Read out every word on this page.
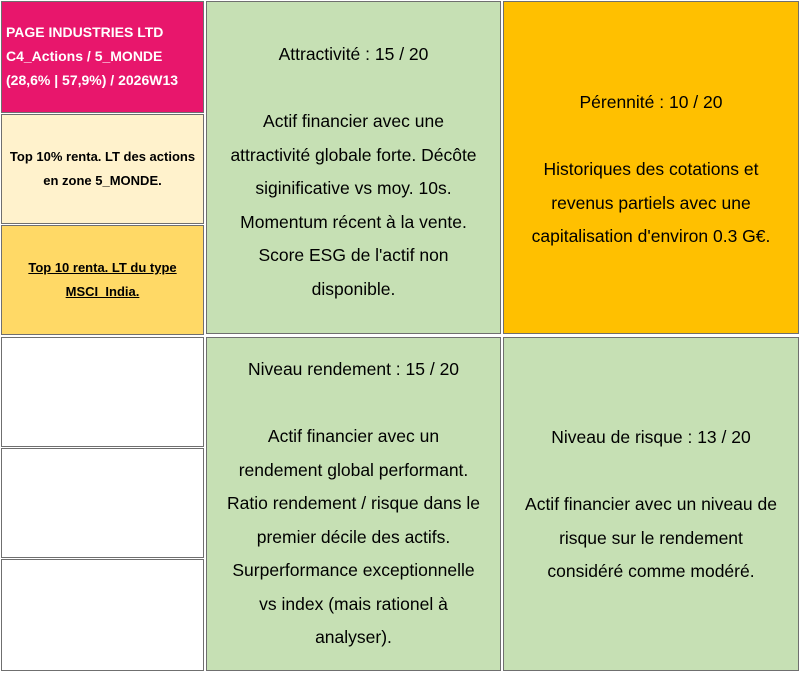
PAGE INDUSTRIES LTD
C4_Actions / 5_MONDE
(28,6% | 57,9%) / 2026W13
Top 10% renta. LT des actions en zone 5_MONDE.
Top 10 renta. LT du type MSCI_India.
Attractivité : 15 / 20
Actif financier avec une
attractivité globale forte. Décôte
siginificative vs moy. 10s.
Momentum récent à la vente.
Score ESG de l'actif non
disponible.
Pérennité : 10 / 20
Historiques des cotations et
revenus partiels avec une
capitalisation d'environ 0.3 G€.
Niveau rendement : 15 / 20
Actif financier avec un
rendement global performant.
Ratio rendement / risque dans le
premier décile des actifs.
Surperformance exceptionnelle
vs index (mais rationel à
analyser).
Niveau de risque : 13 / 20
Actif financier avec un niveau de
risque sur le rendement
considéré comme modéré.
